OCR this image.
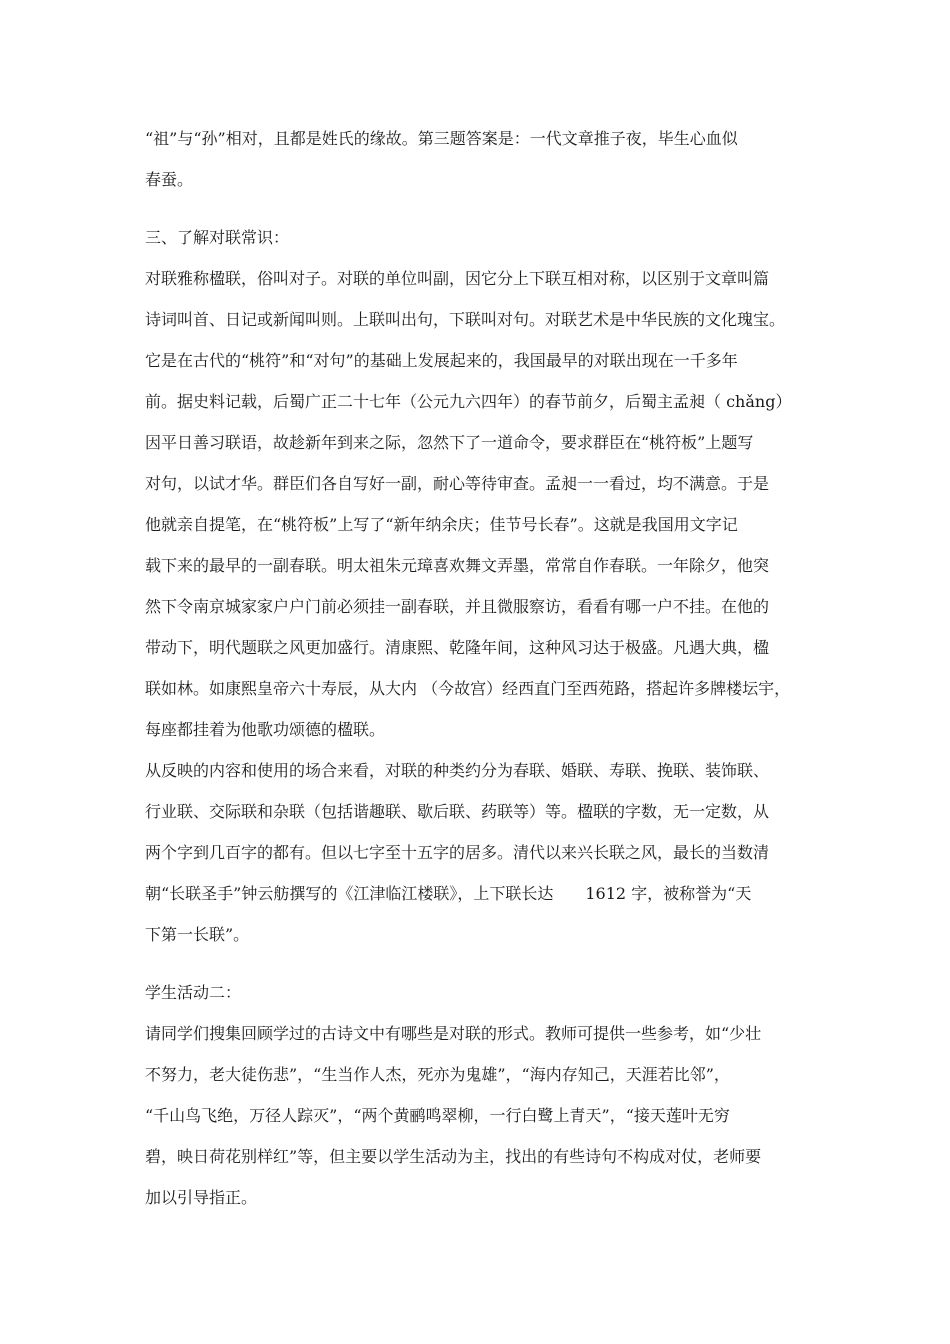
“祖”与“孙”相对，且都是姓氏的缘故。第三题答案是：一代文章推子夜，毕生心血似
春蚕。
三、了解对联常识：
对联雅称楹联，俗叫对子。对联的单位叫副，因它分上下联互相对称，以区别于文章叫篇
诗词叫首、日记或新闻叫则。上联叫出句，下联叫对句。对联艺术是中华民族的文化瑰宝。
它是在古代的“桃符”和“对句”的基础上发展起来的，我国最早的对联出现在一千多年
前。据史料记载，后蜀广正二十七年（公元九六四年）的春节前夕，后蜀主孟昶（ chǎng）
因平日善习联语，故趁新年到来之际，忽然下了一道命令，要求群臣在“桃符板”上题写
对句，以试才华。群臣们各自写好一副，耐心等待审查。孟昶一一看过，均不满意。于是
他就亲自提笔，在“桃符板”上写了“新年纳余庆；佳节号长春”。这就是我国用文字记
载下来的最早的一副春联。明太祖朱元璋喜欢舞文弄墨，常常自作春联。一年除夕，他突
然下令南京城家家户户门前必须挂一副春联，并且微服察访，看看有哪一户不挂。在他的
带动下，明代题联之风更加盛行。清康熙、乾隆年间，这种风习达于极盛。凡遇大典，楹
联如林。如康熙皇帝六十寿辰，从大内 （今故宫）经西直门至西苑路，搭起许多牌楼坛宇，
每座都挂着为他歌功颂德的楹联。
从反映的内容和使用的场合来看，对联的种类约分为春联、婚联、寿联、挽联、装饰联、
行业联、交际联和杂联（包括谐趣联、歇后联、药联等）等。楹联的字数，无一定数，从
两个字到几百字的都有。但以七字至十五字的居多。清代以来兴长联之风，最长的当数清
朝“长联圣手”钟云舫撰写的《江津临江楼联》，上下联长达　　1612 字，被称誉为“天
下第一长联”。
学生活动二：
请同学们搜集回顾学过的古诗文中有哪些是对联的形式。教师可提供一些参考，如“少壮
不努力，老大徒伤悲”，“生当作人杰，死亦为鬼雄”，“海内存知己，天涯若比邻”，
“千山鸟飞绝，万径人踪灭”，“两个黄鹂鸣翠柳，一行白鹭上青天”，“接天莲叶无穷
碧，映日荷花别样红”等，但主要以学生活动为主，找出的有些诗句不构成对仗，老师要
加以引导指正。
